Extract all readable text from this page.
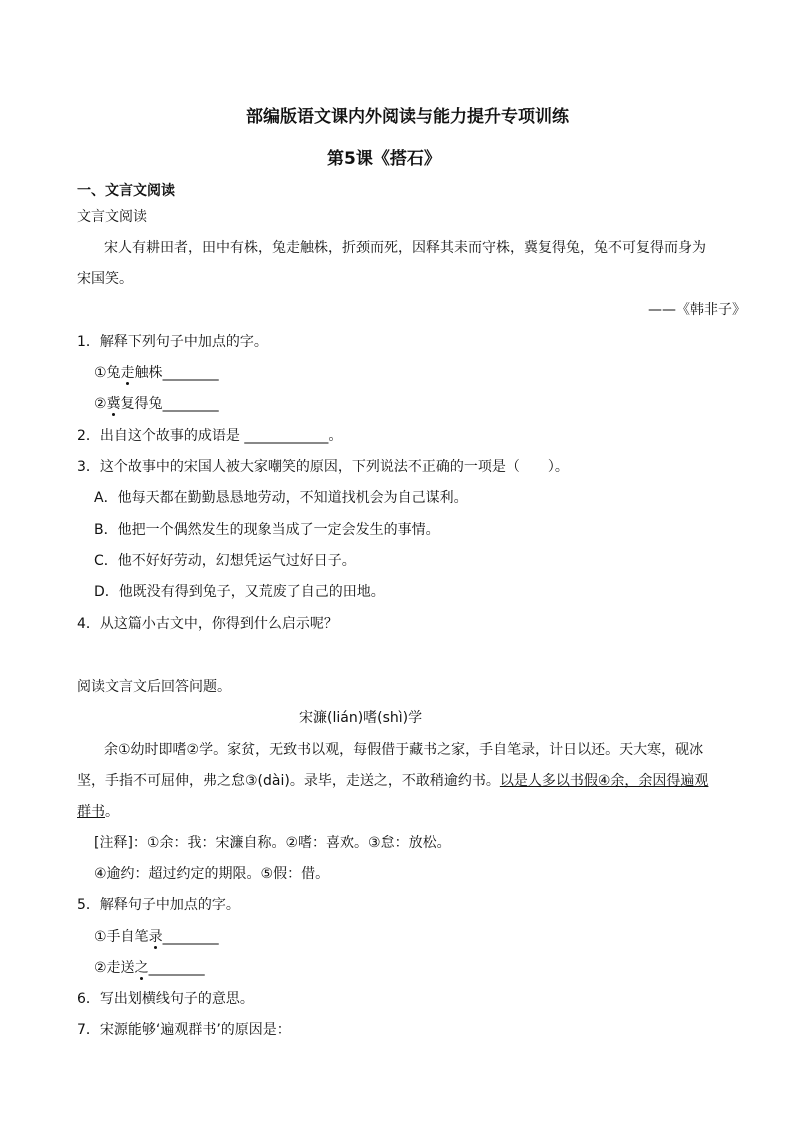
部编版语文课内外阅读与能力提升专项训练
第5课《搭石》
一、文言文阅读
文言文阅读
宋人有耕田者，田中有株，兔走触株，折颈而死，因释其耒而守株，冀复得兔，兔不可复得而身为
宋国笑。
——《韩非子》
1．解释下列句子中加点的字。
①兔走触株________
②冀复得兔________
2．出自这个故事的成语是 ____________。
3．这个故事中的宋国人被大家嘲笑的原因，下列说法不正确的一项是（　　）。
A．他每天都在勤勤恳恳地劳动，不知道找机会为自己谋利。
B．他把一个偶然发生的现象当成了一定会发生的事情。
C．他不好好劳动，幻想凭运气过好日子。
D．他既没有得到兔子，又荒废了自己的田地。
4．从这篇小古文中，你得到什么启示呢？
阅读文言文后回答问题。
宋濂(lián)嗜(shì)学
余①幼时即嗜②学。家贫，无致书以观，每假借于藏书之家，手自笔录，计日以还。天大寒，砚冰
坚，手指不可屈伸，弗之怠③(dài)。录毕，走送之，不敢稍逾约书。以是人多以书假④余，余因得遍观
群书。
[注释]：①余：我：宋濂自称。②嗜：喜欢。③怠：放松。
④逾约：超过约定的期限。⑤假：借。
5．解释句子中加点的字。
①手自笔录________
②走送之________
6．写出划横线句子的意思。
7．宋源能够‘遍观群书’的原因是：
